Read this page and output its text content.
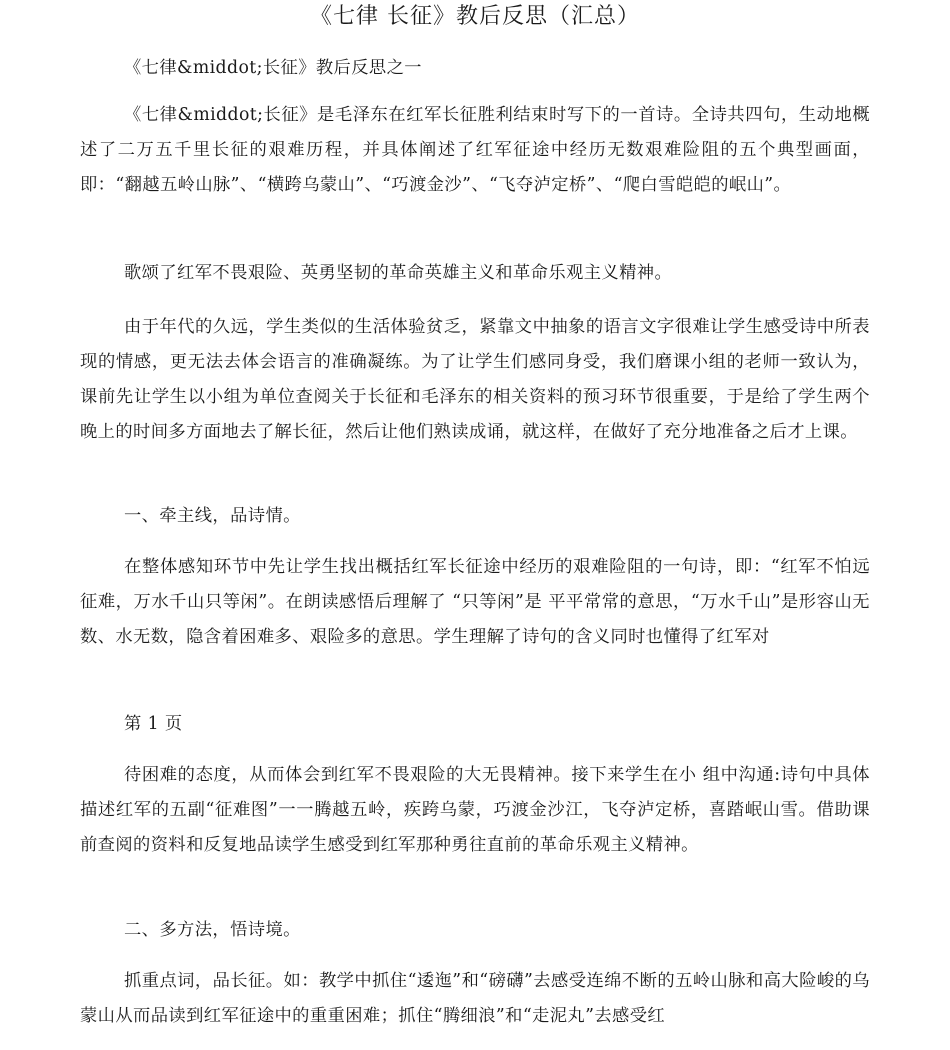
《七律 长征》教后反思（汇总）

《七律&middot;长征》教后反思之一

《七律&middot;长征》是毛泽东在红军长征胜利结束时写下的一首诗。全诗共四句，生动地概述了二万五千里长征的艰难历程，并具体阐述了红军征途中经历无数艰难险阻的五个典型画面，即：“翻越五岭山脉”、“横跨乌蒙山”、“巧渡金沙”、“飞夺泸定桥”、“爬白雪皑皑的岷山”。

歌颂了红军不畏艰险、英勇坚韧的革命英雄主义和革命乐观主义精神。

由于年代的久远，学生类似的生活体验贫乏，紧靠文中抽象的语言文字很难让学生感受诗中所表现的情感，更无法去体会语言的准确凝练。为了让学生们感同身受，我们磨课小组的老师一致认为，课前先让学生以小组为单位查阅关于长征和毛泽东的相关资料的预习环节很重要，于是给了学生两个晚上的时间多方面地去了解长征，然后让他们熟读成诵，就这样，在做好了充分地准备之后才上课。

一、牵主线，品诗情。

在整体感知环节中先让学生找出概括红军长征途中经历的艰难险阻的一句诗，即：“红军不怕远征难，万水千山只等闲”。在朗读感悟后理解了 “只等闲”是 平平常常的意思，“万水千山”是形容山无数、水无数，隐含着困难多、艰险多的意思。学生理解了诗句的含义同时也懂得了红军对

第 1 页

待困难的态度，从而体会到红军不畏艰险的大无畏精神。接下来学生在小 组中沟通:诗句中具体描述红军的五副“征难图”一一腾越五岭，疾跨乌蒙，巧渡金沙江，飞夺泸定桥，喜踏岷山雪。借助课前查阅的资料和反复地品读学生感受到红军那种勇往直前的革命乐观主义精神。

二、多方法，悟诗境。

抓重点词，品长征。如：教学中抓住“逶迤”和“磅礴”去感受连绵不断的五岭山脉和高大险峻的乌蒙山从而品读到红军征途中的重重困难；抓住“腾细浪”和“走泥丸”去感受红
